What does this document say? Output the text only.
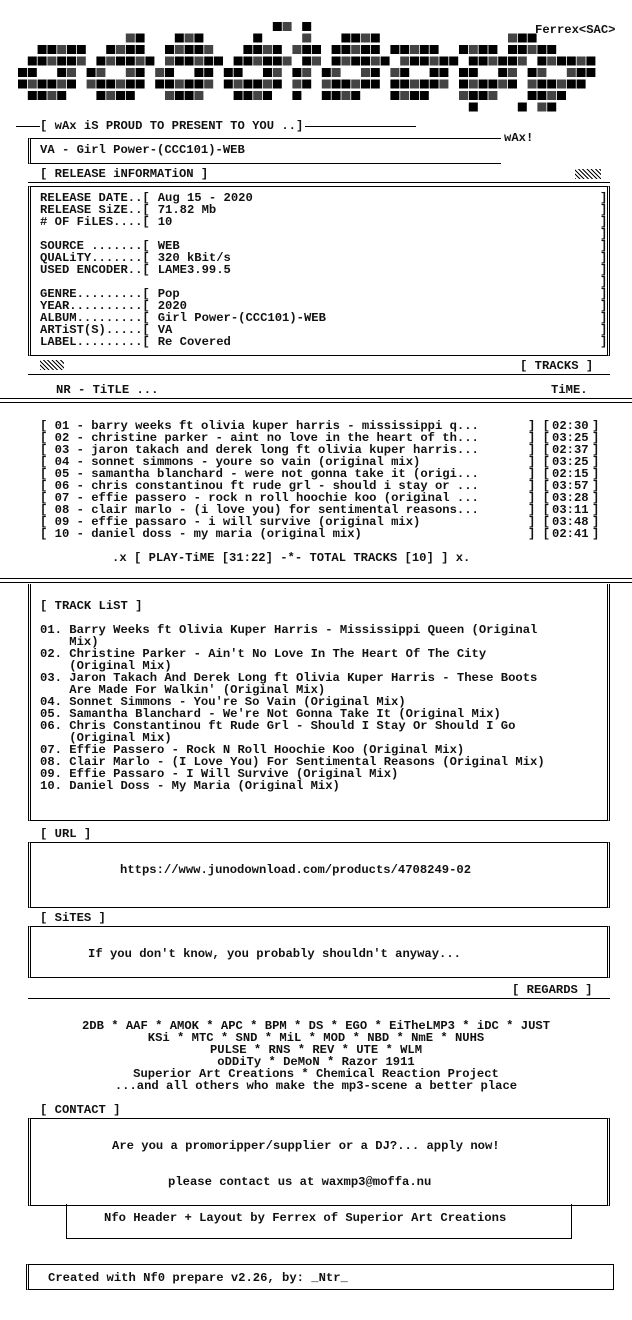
Ferrex<SAC>
wAx!
[ wAx iS PROUD TO PRESENT TO YOU ..]
VA - Girl Power-(CCC101)-WEB
[ RELEASE iNFORMATiON ]
RELEASE DATE..[ Aug 15 - 2020	]
RELEASE SiZE..[ 71.82 Mb	]
# OF FiLES....[ 10	]
]
SOURCE .......[ WEB	]
QUALiTY.......[ 320 kBit/s	]
USED ENCODER..[ LAME3.99.5	]
]
GENRE.........[ Pop	]
YEAR..........[ 2020	]
ALBUM.........[ Girl Power-(CCC101)-WEB	]
ARTiST(S).....[ VA	]
LABEL.........[ Re Covered	]
[ TRACKS ]
NR - TiTLE ...	TiME.
[ 01 - barry weeks ft olivia kuper harris - mississippi q...	] [ 02:30 ]
[ 02 - christine parker - aint no love in the heart of th...	] [ 03:25 ]
[ 03 - jaron takach and derek long ft olivia kuper harris...	] [ 02:37 ]
[ 04 - sonnet simmons - youre so vain (original mix)	] [ 03:25 ]
[ 05 - samantha blanchard - were not gonna take it (origi...	] [ 02:15 ]
[ 06 - chris constantinou ft rude grl - should i stay or ...	] [ 03:57 ]
[ 07 - effie passero - rock n roll hoochie koo (original ...	] [ 03:28 ]
[ 08 - clair marlo - (i love you) for sentimental reasons...	] [ 03:11 ]
[ 09 - effie passaro - i will survive (original mix)	] [ 03:48 ]
[ 10 - daniel doss - my maria (original mix)	] [ 02:41 ]
.x [ PLAY-TiME [31:22] -*- TOTAL TRACKS [10] ] x.
[ TRACK LiST ]
01. Barry Weeks ft Olivia Kuper Harris - Mississippi Queen (Original
Mix)
02. Christine Parker - Ain't No Love In The Heart Of The City
(Original Mix)
03. Jaron Takach And Derek Long ft Olivia Kuper Harris - These Boots
Are Made For Walkin' (Original Mix)
04. Sonnet Simmons - You're So Vain (Original Mix)
05. Samantha Blanchard - We're Not Gonna Take It (Original Mix)
06. Chris Constantinou ft Rude Grl - Should I Stay Or Should I Go
(Original Mix)
07. Effie Passero - Rock N Roll Hoochie Koo (Original Mix)
08. Clair Marlo - (I Love You) For Sentimental Reasons (Original Mix)
09. Effie Passaro - I Will Survive (Original Mix)
10. Daniel Doss - My Maria (Original Mix)
[ URL ]
https://www.junodownload.com/products/4708249-02
[ SiTES ]
If you don't know, you probably shouldn't anyway...
[ REGARDS ]
2DB * AAF * AMOK * APC * BPM * DS * EGO * EiTheLMP3 * iDC * JUST
KSi * MTC * SND * MiL * MOD * NBD * NmE * NUHS
PULSE * RNS * REV * UTE * WLM
oDDiTy * DeMoN * Razor 1911
Superior Art Creations * Chemical Reaction Project
...and all others who make the mp3-scene a better place
[ CONTACT ]
Are you a promoripper/supplier or a DJ?... apply now!
please contact us at waxmp3@moffa.nu
Nfo Header + Layout by Ferrex of Superior Art Creations
Created with Nf0 prepare v2.26, by: _Ntr_
